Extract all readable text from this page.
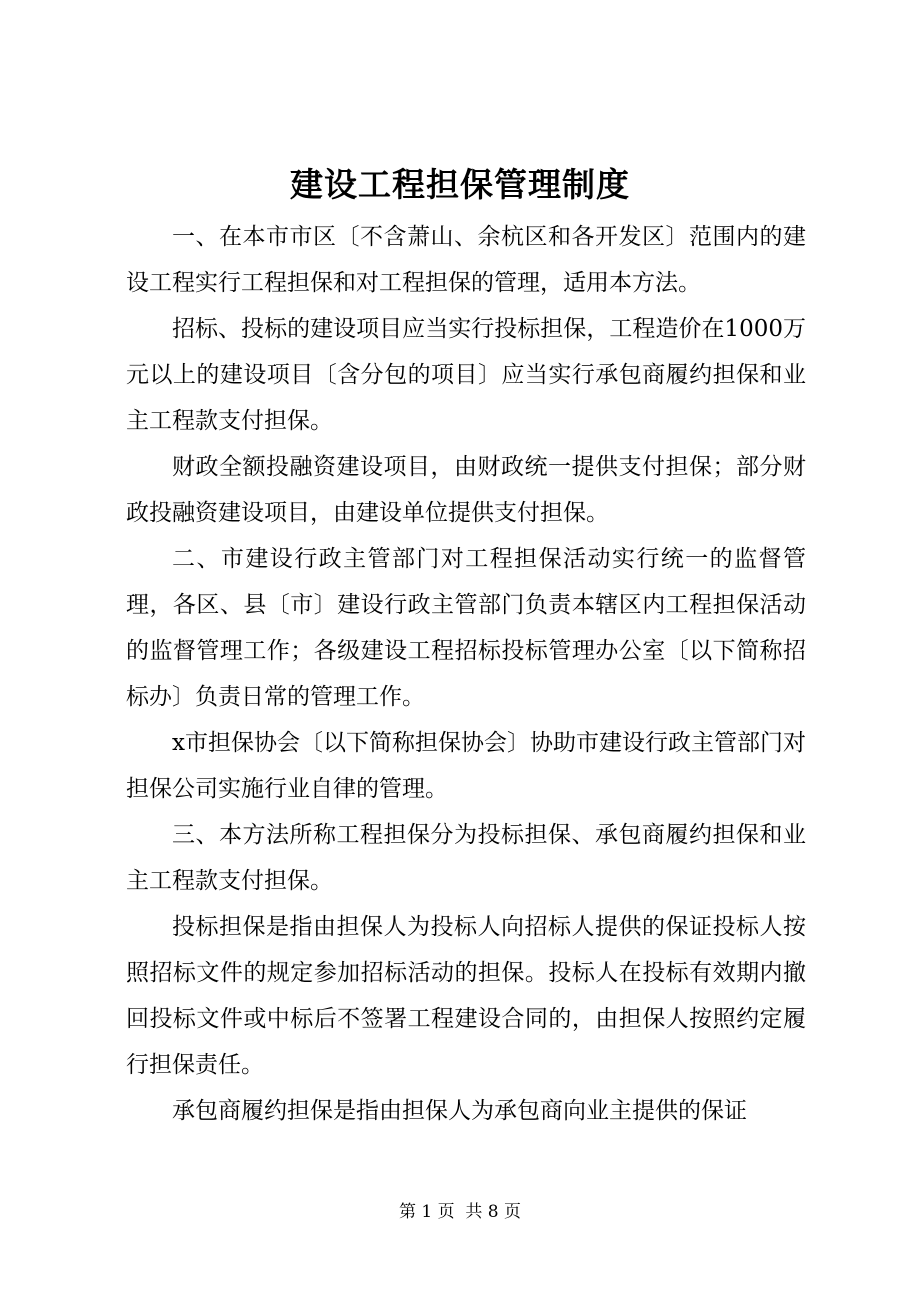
建设工程担保管理制度

一、在本市市区〔不含萧山、余杭区和各开发区〕范围内的建设工程实行工程担保和对工程担保的管理，适用本方法。

招标、投标的建设项目应当实行投标担保，工程造价在1000万元以上的建设项目〔含分包的项目〕应当实行承包商履约担保和业主工程款支付担保。

财政全额投融资建设项目，由财政统一提供支付担保；部分财政投融资建设项目，由建设单位提供支付担保。

二、市建设行政主管部门对工程担保活动实行统一的监督管理，各区、县〔市〕建设行政主管部门负责本辖区内工程担保活动的监督管理工作；各级建设工程招标投标管理办公室〔以下简称招标办〕负责日常的管理工作。

x市担保协会〔以下简称担保协会〕协助市建设行政主管部门对担保公司实施行业自律的管理。

三、本方法所称工程担保分为投标担保、承包商履约担保和业主工程款支付担保。

投标担保是指由担保人为投标人向招标人提供的保证投标人按照招标文件的规定参加招标活动的担保。投标人在投标有效期内撤回投标文件或中标后不签署工程建设合同的，由担保人按照约定履行担保责任。

承包商履约担保是指由担保人为承包商向业主提供的保证

第 1 页  共 8 页
